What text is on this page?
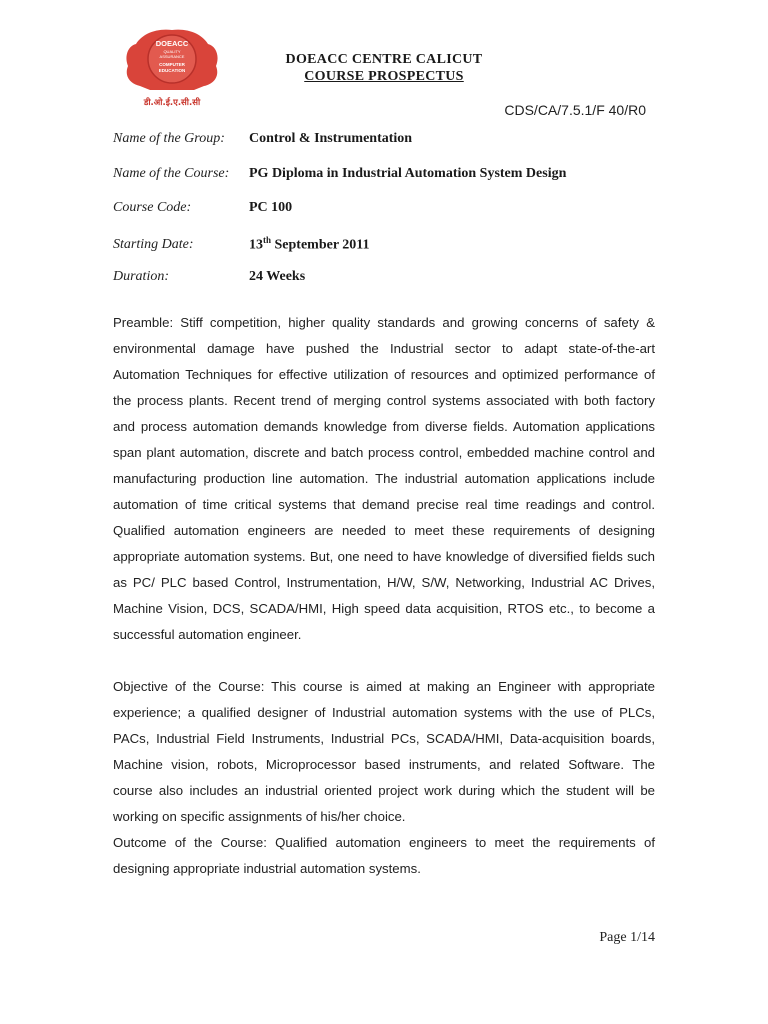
DOEACC
QUALITY
ASSURANCE
COMPUTER
EDUCATION
डी.ओ.ई.ए.सी.सी
DOEACC CENTRE CALICUT
COURSE PROSPECTUS
CDS/CA/7.5.1/F 40/R0
Name of the Group:	Control & Instrumentation
Name of the Course:	PG Diploma in Industrial Automation System Design
Course Code:	PC 100
Starting Date:	13th September 2011
Duration:	24 Weeks

Preamble: Stiff competition, higher quality standards and growing concerns of safety & environmental damage have pushed the Industrial sector to adapt state-of-the-art Automation Techniques for effective utilization of resources and optimized performance of the process plants. Recent trend of merging control systems associated with both factory and process automation demands knowledge from diverse fields. Automation applications span plant automation, discrete and batch process control, embedded machine control and manufacturing production line automation. The industrial automation applications include automation of time critical systems that demand precise real time readings and control. Qualified automation engineers are needed to meet these requirements of designing appropriate automation systems. But, one need to have knowledge of diversified fields such as PC/ PLC based Control, Instrumentation, H/W, S/W, Networking, Industrial AC Drives, Machine Vision, DCS, SCADA/HMI, High speed data acquisition, RTOS etc., to become a successful automation engineer.

Objective of the Course: This course is aimed at making an Engineer with appropriate experience; a qualified designer of Industrial automation systems with the use of PLCs, PACs, Industrial Field Instruments, Industrial PCs, SCADA/HMI, Data-acquisition boards, Machine vision, robots, Microprocessor based instruments, and related Software. The course also includes an industrial oriented project work during which the student will be working on specific assignments of his/her choice.

Outcome of the Course: Qualified automation engineers to meet the requirements of designing appropriate industrial automation systems.

Page 1/14
